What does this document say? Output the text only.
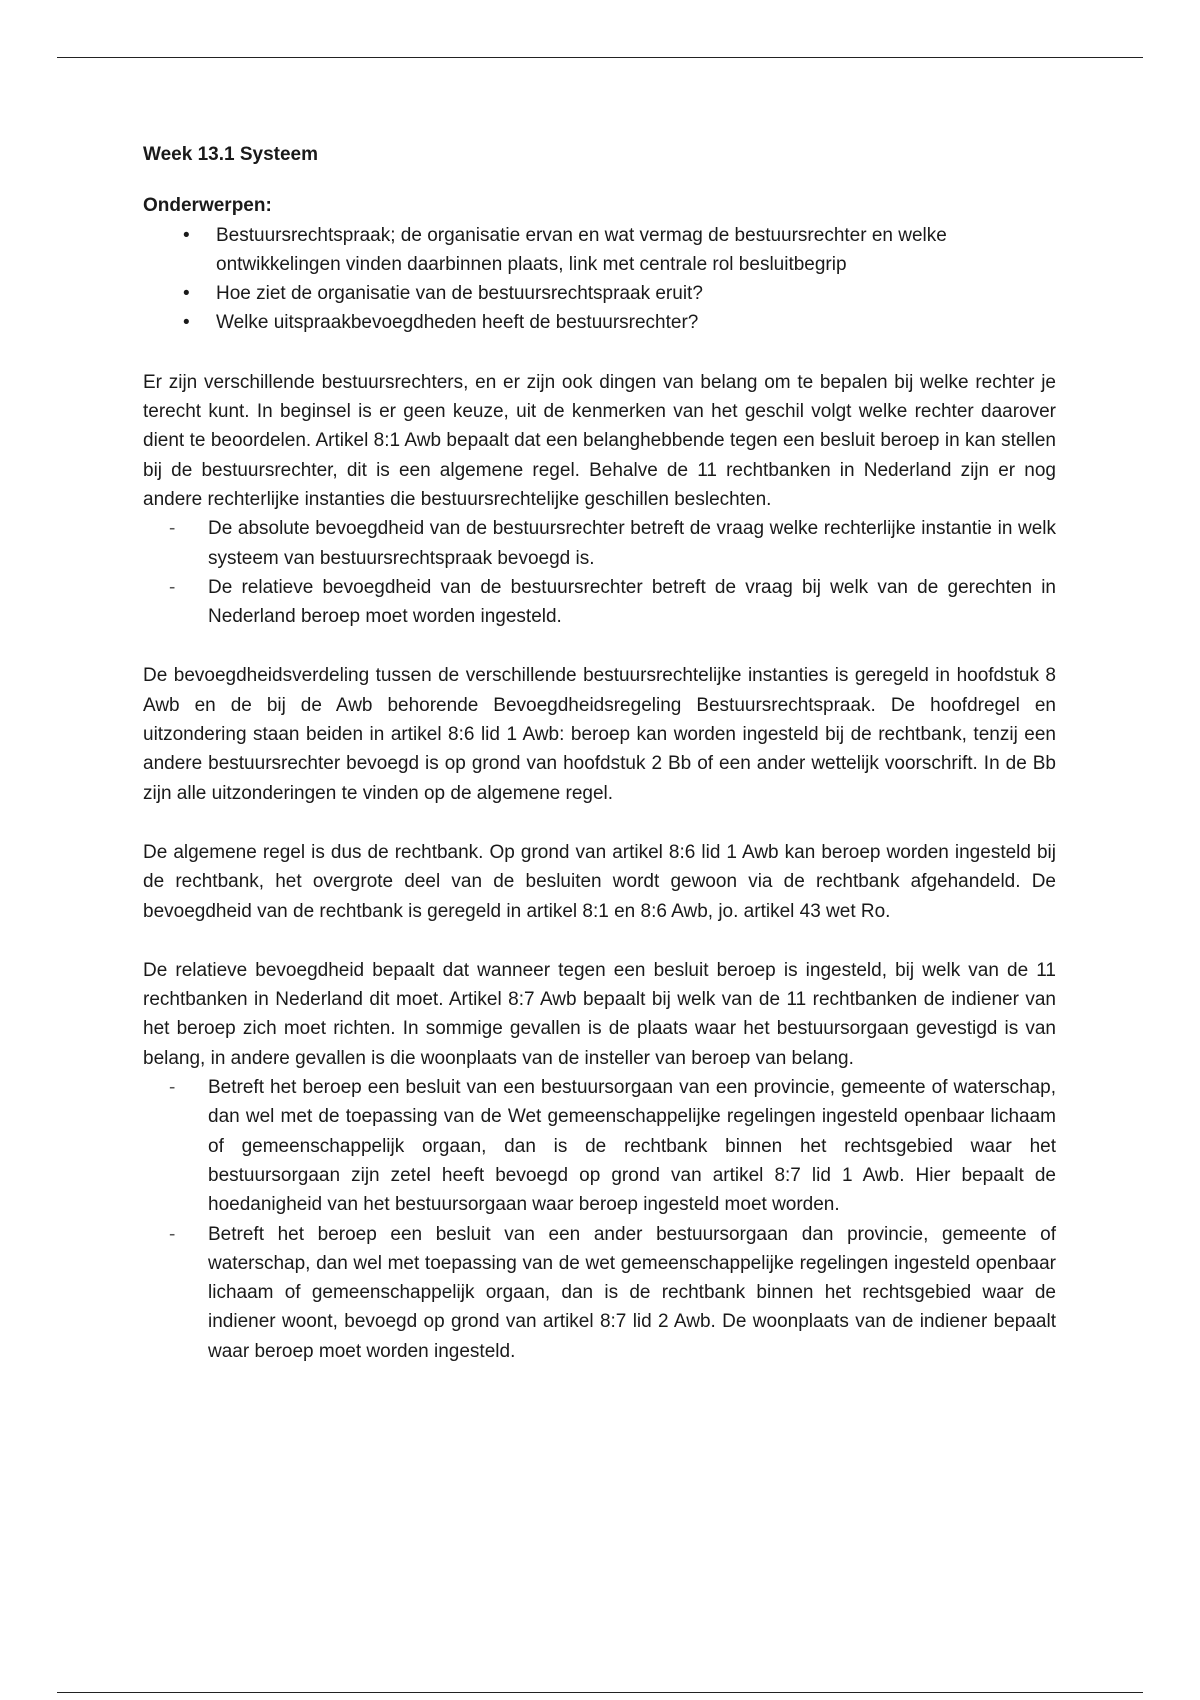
Week 13.1 Systeem

Onderwerpen:

• Bestuursrechtspraak; de organisatie ervan en wat vermag de bestuursrechter en welke ontwikkelingen vinden daarbinnen plaats, link met centrale rol besluitbegrip
• Hoe ziet de organisatie van de bestuursrechtspraak eruit?
• Welke uitspraakbevoegdheden heeft de bestuursrechter?

Er zijn verschillende bestuursrechters, en er zijn ook dingen van belang om te bepalen bij welke rechter je terecht kunt. In beginsel is er geen keuze, uit de kenmerken van het geschil volgt welke rechter daarover dient te beoordelen. Artikel 8:1 Awb bepaalt dat een belanghebbende tegen een besluit beroep in kan stellen bij de bestuursrechter, dit is een algemene regel. Behalve de 11 rechtbanken in Nederland zijn er nog andere rechterlijke instanties die bestuursrechtelijke geschillen beslechten.

- De absolute bevoegdheid van de bestuursrechter betreft de vraag welke rechterlijke instantie in welk systeem van bestuursrechtspraak bevoegd is.
- De relatieve bevoegdheid van de bestuursrechter betreft de vraag bij welk van de gerechten in Nederland beroep moet worden ingesteld.

De bevoegdheidsverdeling tussen de verschillende bestuursrechtelijke instanties is geregeld in hoofdstuk 8 Awb en de bij de Awb behorende Bevoegdheidsregeling Bestuursrechtspraak. De hoofdregel en uitzondering staan beiden in artikel 8:6 lid 1 Awb: beroep kan worden ingesteld bij de rechtbank, tenzij een andere bestuursrechter bevoegd is op grond van hoofdstuk 2 Bb of een ander wettelijk voorschrift. In de Bb zijn alle uitzonderingen te vinden op de algemene regel.

De algemene regel is dus de rechtbank. Op grond van artikel 8:6 lid 1 Awb kan beroep worden ingesteld bij de rechtbank, het overgrote deel van de besluiten wordt gewoon via de rechtbank afgehandeld. De bevoegdheid van de rechtbank is geregeld in artikel 8:1 en 8:6 Awb, jo. artikel 43 wet Ro.

De relatieve bevoegdheid bepaalt dat wanneer tegen een besluit beroep is ingesteld, bij welk van de 11 rechtbanken in Nederland dit moet. Artikel 8:7 Awb bepaalt bij welk van de 11 rechtbanken de indiener van het beroep zich moet richten. In sommige gevallen is de plaats waar het bestuursorgaan gevestigd is van belang, in andere gevallen is die woonplaats van de insteller van beroep van belang.

- Betreft het beroep een besluit van een bestuursorgaan van een provincie, gemeente of waterschap, dan wel met de toepassing van de Wet gemeenschappelijke regelingen ingesteld openbaar lichaam of gemeenschappelijk orgaan, dan is de rechtbank binnen het rechtsgebied waar het bestuursorgaan zijn zetel heeft bevoegd op grond van artikel 8:7 lid 1 Awb. Hier bepaalt de hoedanigheid van het bestuursorgaan waar beroep ingesteld moet worden.
- Betreft het beroep een besluit van een ander bestuursorgaan dan provincie, gemeente of waterschap, dan wel met toepassing van de wet gemeenschappelijke regelingen ingesteld openbaar lichaam of gemeenschappelijk orgaan, dan is de rechtbank binnen het rechtsgebied waar de indiener woont, bevoegd op grond van artikel 8:7 lid 2 Awb. De woonplaats van de indiener bepaalt waar beroep moet worden ingesteld.
